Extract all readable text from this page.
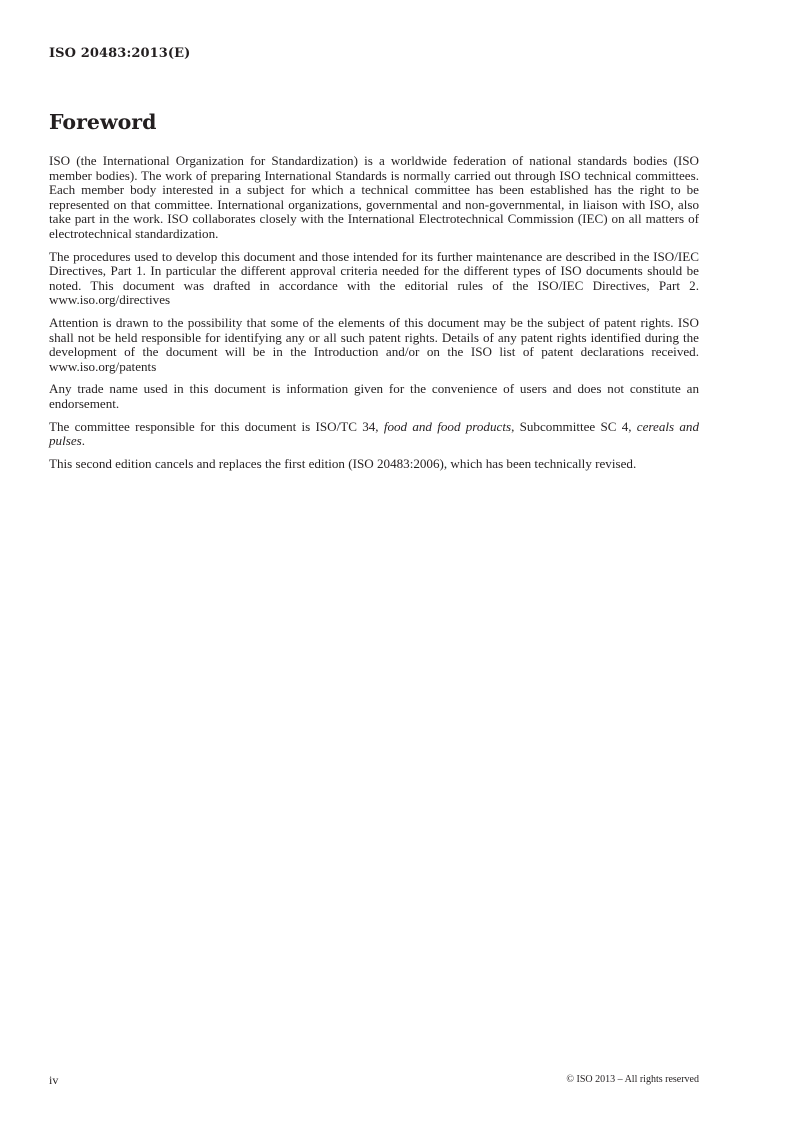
ISO 20483:2013(E)
Foreword

ISO (the International Organization for Standardization) is a worldwide federation of national standards bodies (ISO member bodies). The work of preparing International Standards is normally carried out through ISO technical committees. Each member body interested in a subject for which a technical committee has been established has the right to be represented on that committee. International organizations, governmental and non-governmental, in liaison with ISO, also take part in the work. ISO collaborates closely with the International Electrotechnical Commission (IEC) on all matters of electrotechnical standardization.

The procedures used to develop this document and those intended for its further maintenance are described in the ISO/IEC Directives, Part 1. In particular the different approval criteria needed for the different types of ISO documents should be noted. This document was drafted in accordance with the editorial rules of the ISO/IEC Directives, Part 2. www.iso.org/directives

Attention is drawn to the possibility that some of the elements of this document may be the subject of patent rights. ISO shall not be held responsible for identifying any or all such patent rights. Details of any patent rights identified during the development of the document will be in the Introduction and/or on the ISO list of patent declarations received. www.iso.org/patents

Any trade name used in this document is information given for the convenience of users and does not constitute an endorsement.

The committee responsible for this document is ISO/TC 34, food and food products, Subcommittee SC 4, cereals and pulses.

This second edition cancels and replaces the first edition (ISO 20483:2006), which has been technically revised.

iv	© ISO 2013 – All rights reserved
